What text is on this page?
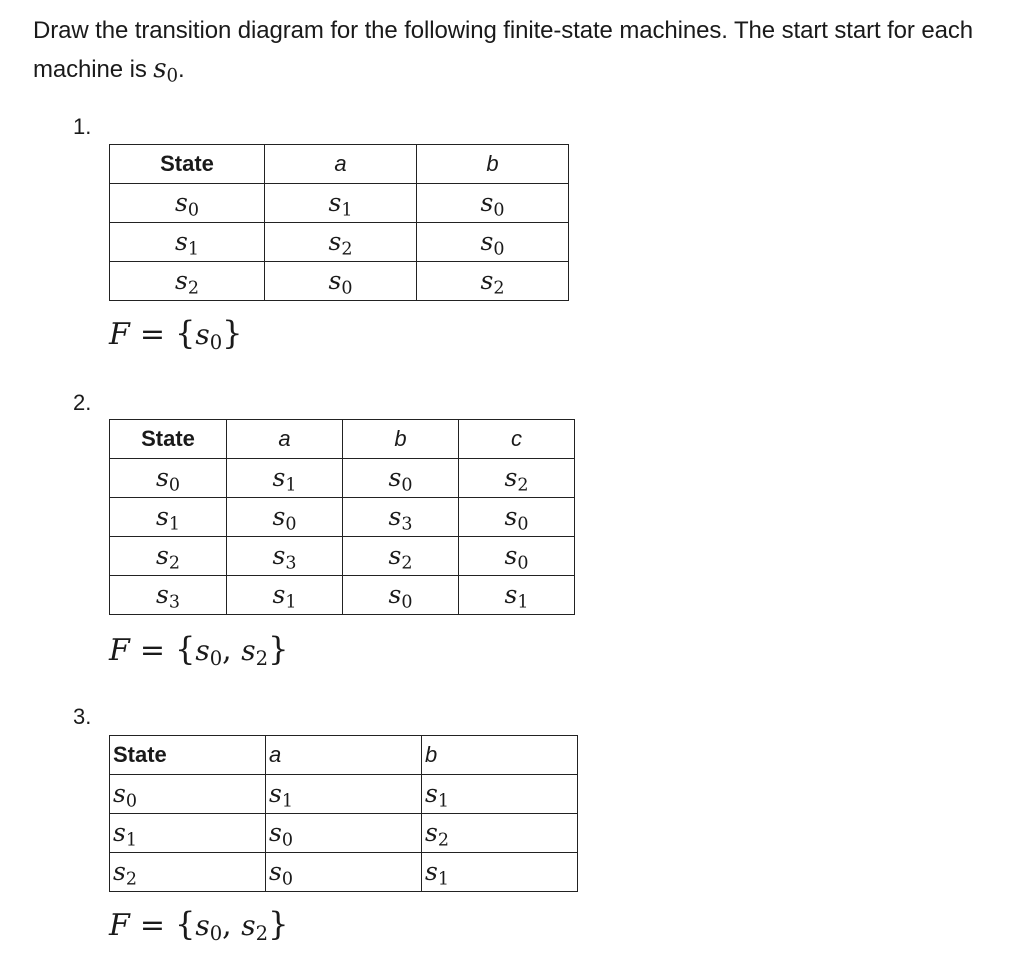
Draw the transition diagram for the following finite-state machines. The start start for each machine is $s_0$.
1.
State	a	b
$s_0$	$s_1$	$s_0$
$s_1$	$s_2$	$s_0$
$s_2$	$s_0$	$s_2$
$F = \{s_0\}$
2.
State	a	b	c
$s_0$	$s_1$	$s_0$	$s_2$
$s_1$	$s_0$	$s_3$	$s_0$
$s_2$	$s_3$	$s_2$	$s_0$
$s_3$	$s_1$	$s_0$	$s_1$
$F = \{s_0$, $s_2$}
3.
State	a	b
$s_0$	$s_1$	$s_1$
$s_1$	$s_0$	$s_2$
$s_2$	$s_0$	$s_1$
$F = \{s_0$, $s_2$}
